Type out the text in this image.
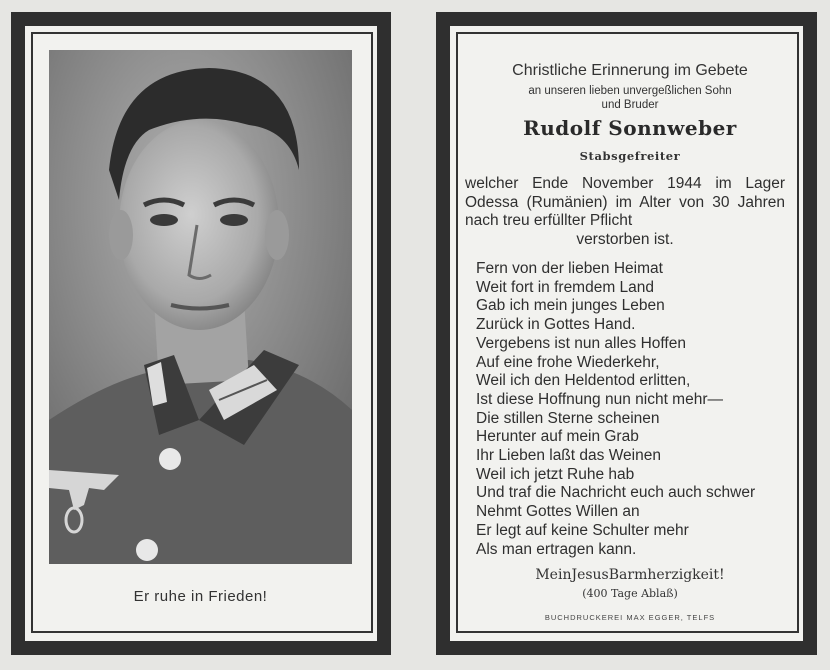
Er ruhe in Frieden!
Christliche Erinnerung im Gebete
an unseren lieben unvergeßlichen Sohn
und Bruder
Rudolf Sonnweber
Stabsgefreiter
welcher Ende November 1944 im Lager Odessa (Rumänien) im Alter von 30 Jahren nach treu erfüllter Pflicht
verstorben ist.
Fern von der lieben Heimat
Weit fort in fremdem Land
Gab ich mein junges Leben
Zurück in Gottes Hand.
Vergebens ist nun alles Hoffen
Auf eine frohe Wiederkehr,
Weil ich den Heldentod erlitten,
Ist diese Hoffnung nun nicht mehr—
Die stillen Sterne scheinen
Herunter auf mein Grab
Ihr Lieben laßt das Weinen
Weil ich jetzt Ruhe hab
Und traf die Nachricht euch auch schwer
Nehmt Gottes Willen an
Er legt auf keine Schulter mehr
Als man ertragen kann.
MeinJesusBarmherzigkeit!
(400 Tage Ablaß)
BUCHDRUCKEREI MAX EGGER, TELFS
